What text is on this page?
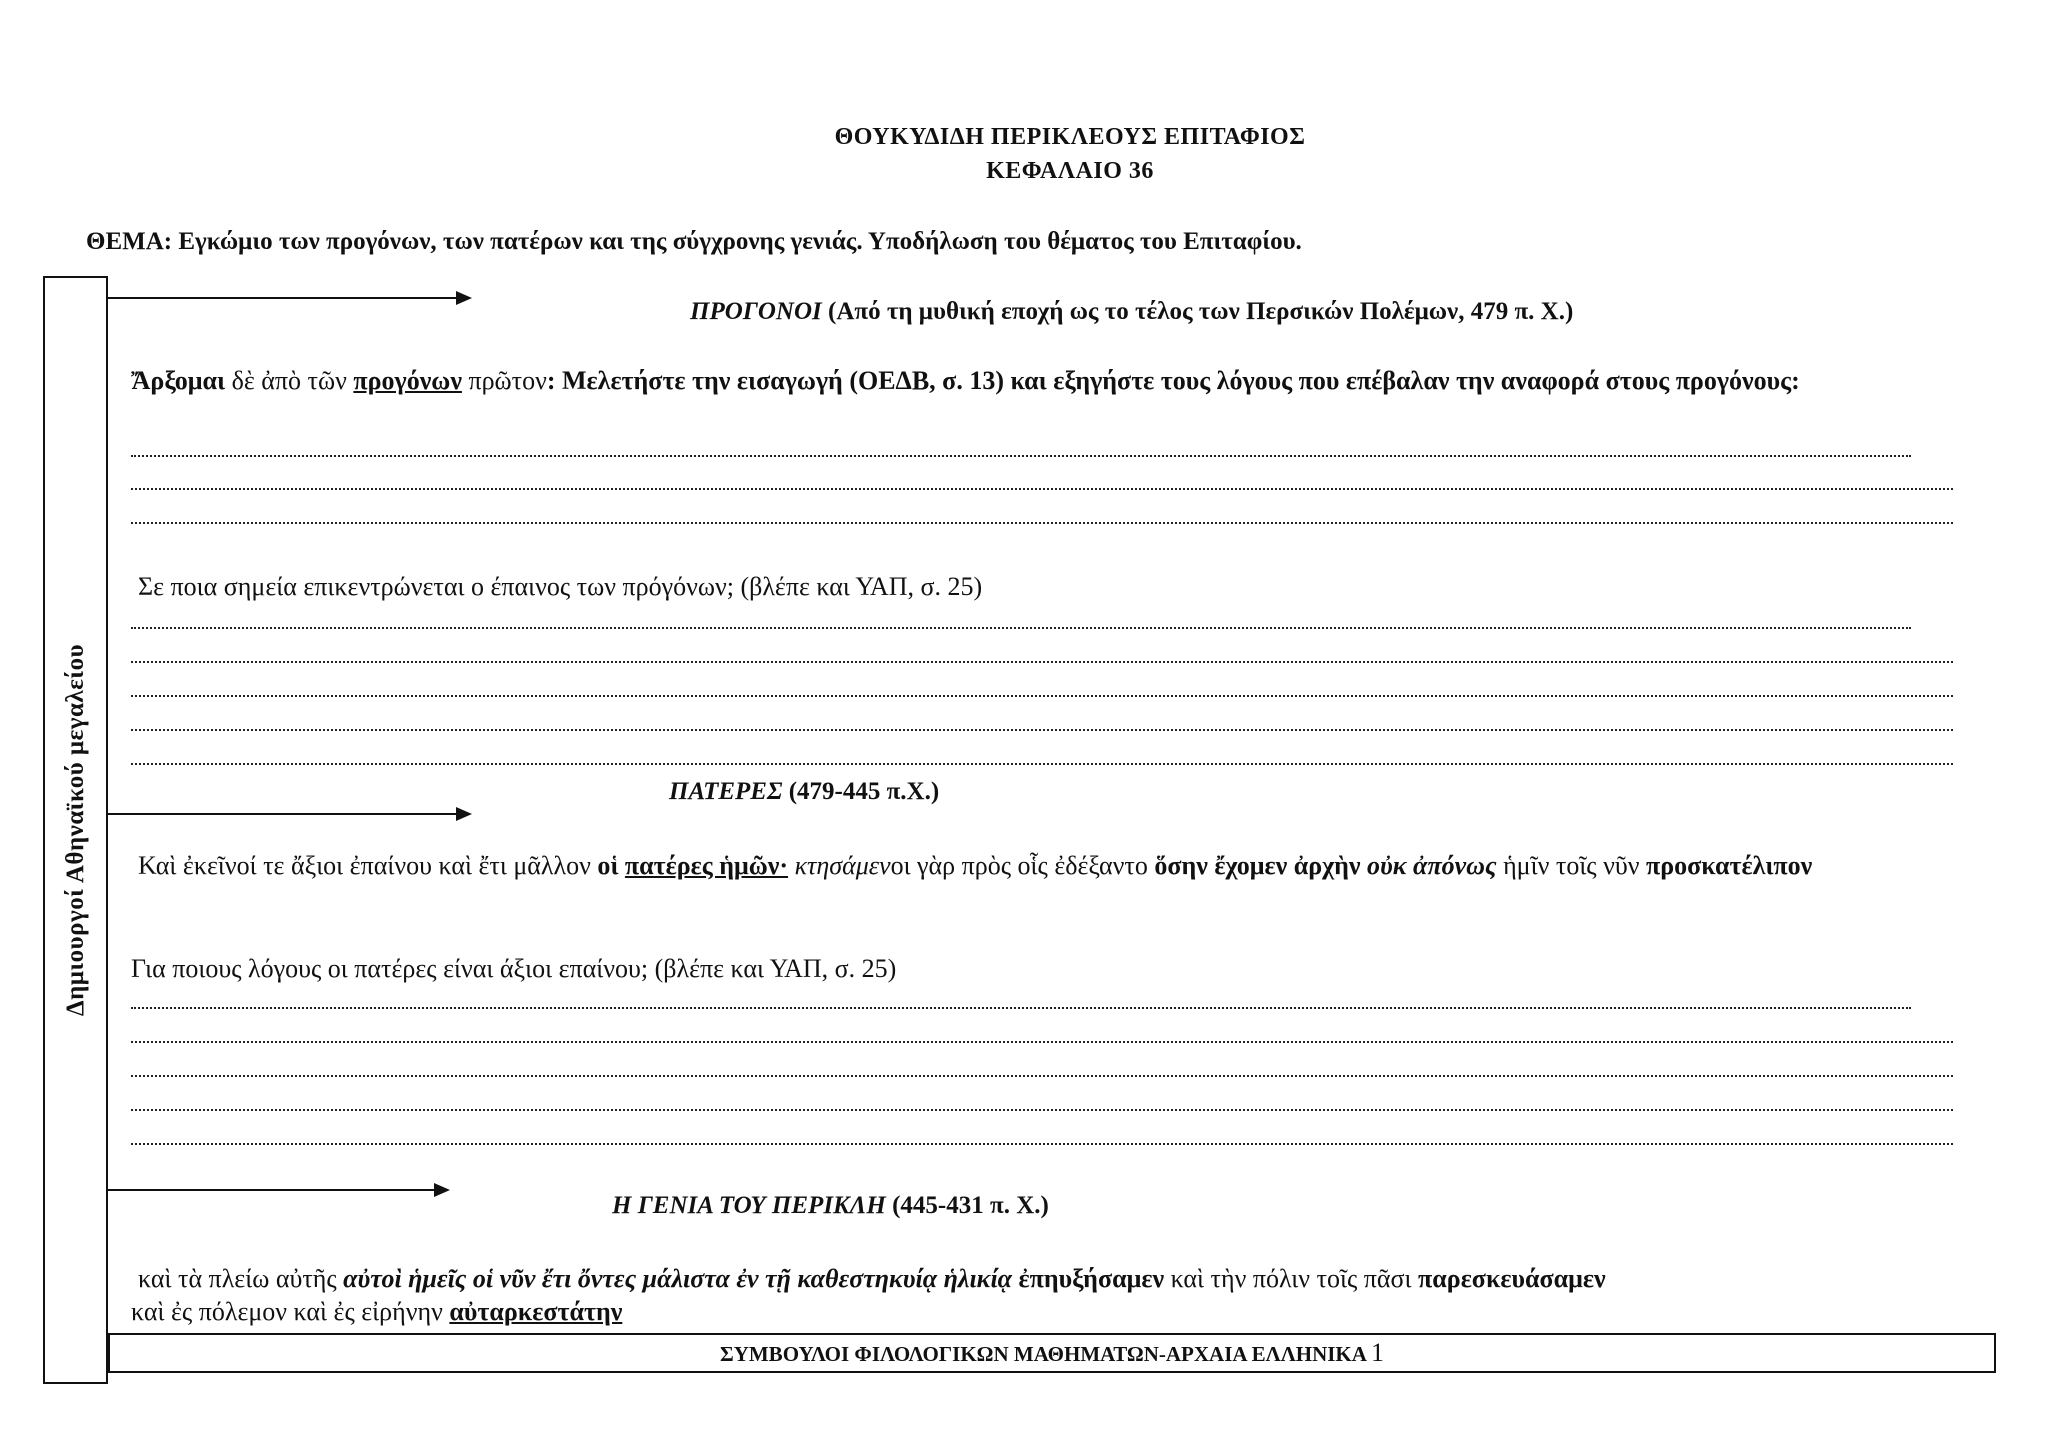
ΘΟΥΚΥΔΙΔΗ ΠΕΡΙΚΛΕΟΥΣ ΕΠΙΤΑΦΙΟΣ
ΚΕΦΑΛΑΙΟ 36
ΘΕΜΑ: Εγκώμιο των προγόνων, των πατέρων και της σύγχρονης γενιάς. Υποδήλωση του θέματος του Επιταφίου.
Δημιουργοί Αθηναϊκού μεγαλείου
ΠΡΟΓΟΝΟΙ (Από τη μυθική εποχή ως το τέλος των Περσικών Πολέμων, 479 π. Χ.)
Ἄρξομαι δὲ ἀπὸ τῶν προγόνων πρῶτον: Μελετήστε την εισαγωγή (ΟΕΔΒ, σ. 13) και εξηγήστε τους λόγους που επέβαλαν την αναφορά στους προγόνους:
Σε ποια σημεία επικεντρώνεται ο έπαινος των πρόγόνων; (βλέπε και ΥΑΠ, σ. 25)
ΠΑΤΕΡΕΣ (479-445 π.Χ.)
Καὶ ἐκεῖνοί τε ἄξιοι ἐπαίνου καὶ ἔτι μᾶλλον οἱ πατέρες ἡμῶν· κτησάμενοι γὰρ πρὸς οἷς ἐδέξαντο ὅσην ἔχομεν ἀρχὴν οὐκ ἀπόνως ἡμῖν τοῖς νῦν προσκατέλιπον
Για ποιους λόγους οι πατέρες είναι άξιοι επαίνου; (βλέπε και ΥΑΠ, σ. 25)
Η ΓΕΝΙΑ ΤΟΥ ΠΕΡΙΚΛΗ (445-431 π. Χ.)
καὶ τὰ πλείω αὐτῆς αὐτοὶ ἡμεῖς οἱ νῦν ἔτι ὄντες μάλιστα ἐν τῇ καθεστηκυίᾳ ἡλικίᾳ ἐπηυξήσαμεν καὶ τὴν πόλιν τοῖς πᾶσι παρεσκευάσαμεν
καὶ ἐς πόλεμον καὶ ἐς εἰρήνην αὐταρκεστάτην
ΣΥΜΒΟΥΛΟΙ ΦΙΛΟΛΟΓΙΚΩΝ ΜΑΘΗΜΑΤΩΝ-ΑΡΧΑΙΑ ΕΛΛΗΝΙΚΑ 1
